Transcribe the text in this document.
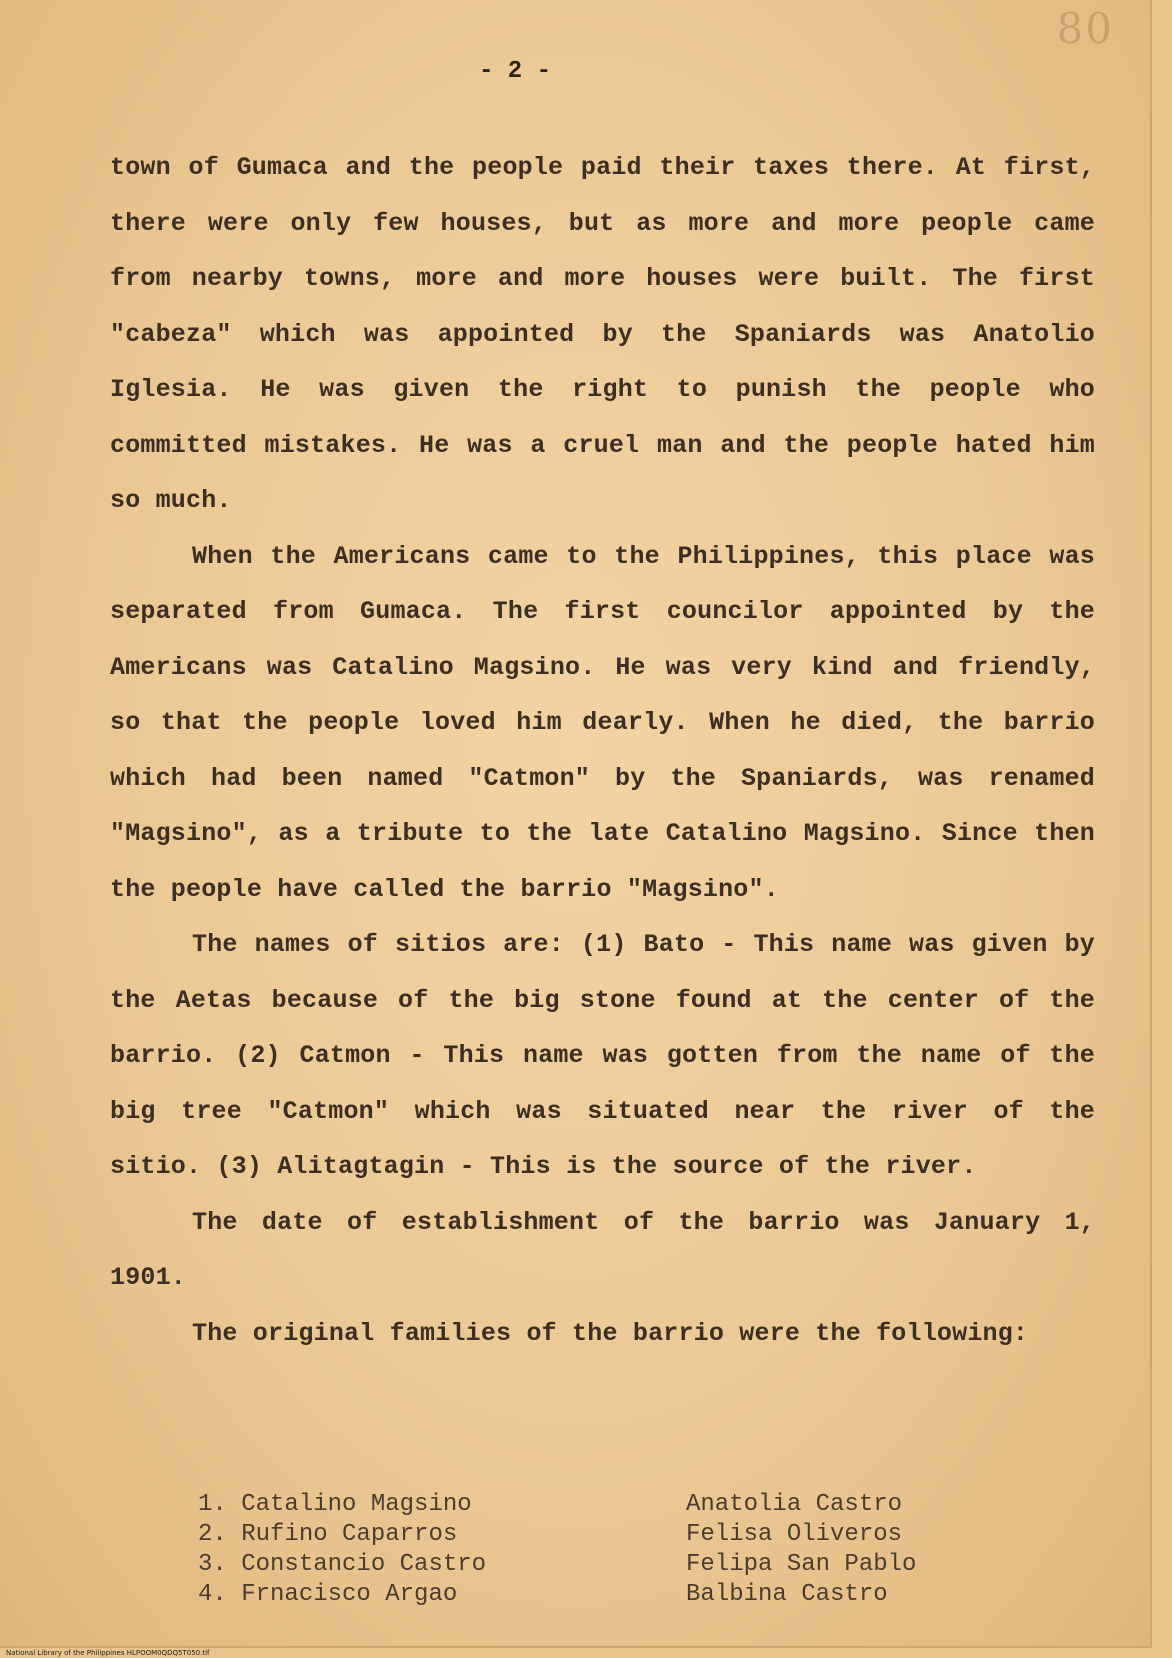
80
- 2 -

town of Gumaca and the people paid their taxes there. At first, there were only few houses, but as more and more people came from nearby towns, more and more houses were built. The first "cabeza" which was appointed by the Spaniards was Anatolio Iglesia. He was given the right to punish the people who committed mistakes. He was a cruel man and the people hated him so much.

When the Americans came to the Philippines, this place was separated from Gumaca. The first councilor appointed by the Americans was Catalino Magsino. He was very kind and friendly, so that the people loved him dearly. When he died, the barrio which had been named "Catmon" by the Spaniards, was renamed "Magsino", as a tribute to the late Catalino Magsino. Since then the people have called the barrio "Magsino".

The names of sitios are: (1) Bato - This name was given by the Aetas because of the big stone found at the center of the barrio. (2) Catmon - This name was gotten from the name of the big tree "Catmon" which was situated near the river of the sitio. (3) Alitagtagin - This is the source of the river.

The date of establishment of the barrio was January 1, 1901.

The original families of the barrio were the following:

1. Catalino Magsino	Anatolia Castro
2. Rufino Caparros	Felisa Oliveros
3. Constancio Castro	Felipa San Pablo
4. Frnacisco Argao	Balbina Castro
National Library of the Philippines HLPOOM0QDQ5T050.tif
